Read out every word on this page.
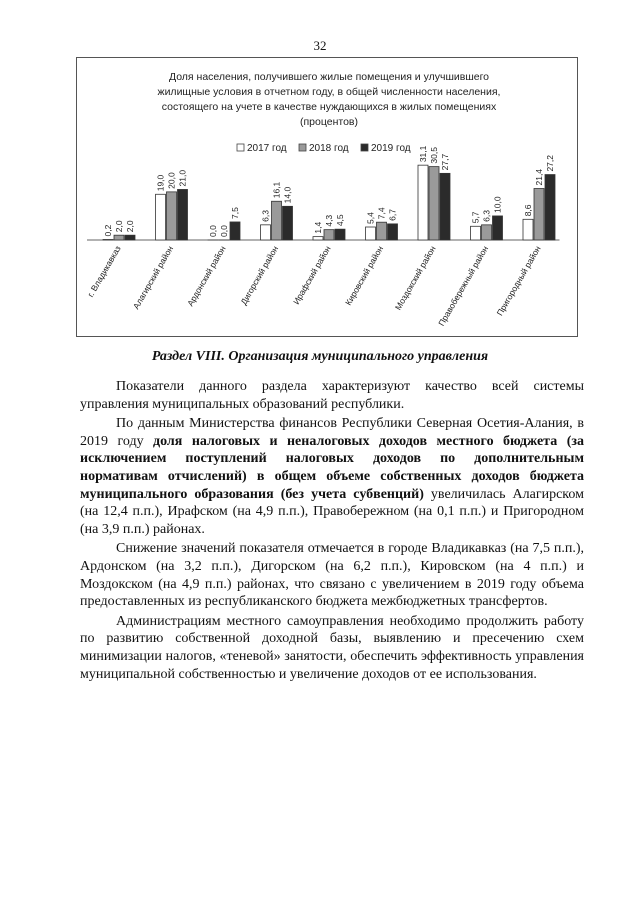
32
Доля населения, получившего жилые помещения и улучшившего
жилищные условия в отчетном году, в общей численности населения,
состоящего на учете в качестве нуждающихся в жилых помещениях
(процентов)
2017 год 2018 год 2019 год
0,2 2,0 2,0
г. Владикавказ
19,0 20,0 21,0
Алагирский район
0,0 0,0
7,5
Ардонский район
6,3
16,1 14,0
Дигорский район
1,4
4,3 4,5
Ирафский район
5,4 7,4 6,7
Кировский район
31,1 30,5 27,7
Моздокский район
5,7 6,3
10,0
Правобережный район
8,6
21,4
27,2
Пригородный район
Раздел VIII. Организация муниципального управления

Показатели данного раздела характеризуют качество всей системы управления муниципальных образований республики.

По данным Министерства финансов Республики Северная Осетия-Алания, в 2019 году доля налоговых и неналоговых доходов местного бюджета (за исключением поступлений налоговых доходов по дополнительным нормативам отчислений) в общем объеме собственных доходов бюджета муниципального образования (без учета субвенций) увеличилась Алагирском (на 12,4 п.п.), Ирафском (на 4,9 п.п.), Правобережном (на 0,1 п.п.) и Пригородном (на 3,9 п.п.) районах.

Снижение значений показателя отмечается в городе Владикавказ (на 7,5 п.п.), Ардонском (на 3,2 п.п.), Дигорском (на 6,2 п.п.), Кировском (на 4 п.п.) и Моздокском (на 4,9 п.п.) районах, что связано с увеличением в 2019 году объема предоставленных из республиканского бюджета межбюджетных трансфертов.

Администрациям местного самоуправления необходимо продолжить работу по развитию собственной доходной базы, выявлению и пресечению схем минимизации налогов, «теневой» занятости, обеспечить эффективность управления муниципальной собственностью и увеличение доходов от ее использования.
